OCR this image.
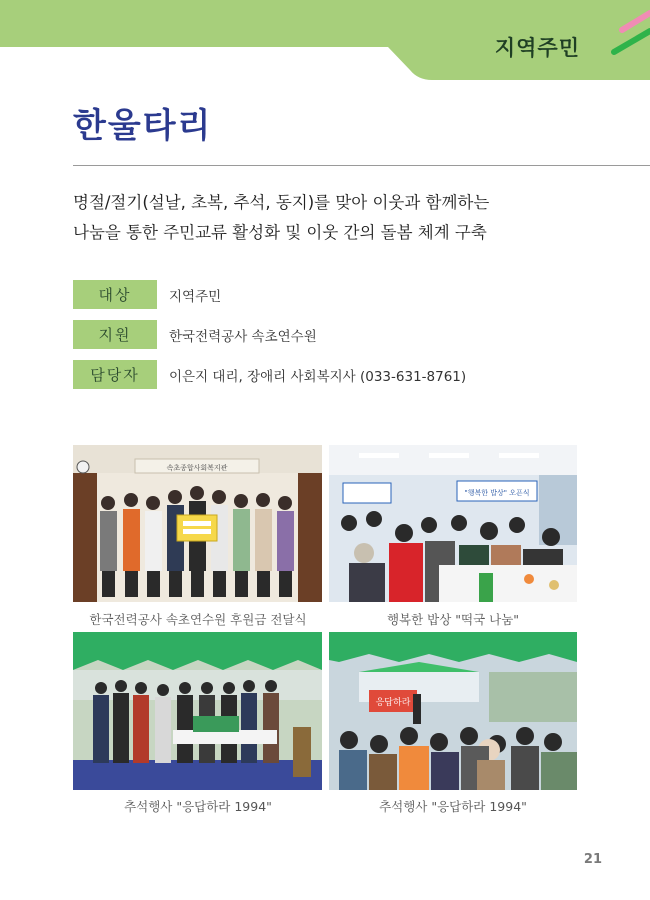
지역주민
한울타리
명절/절기(설날, 초복, 추석, 동지)를 맞아 이웃과 함께하는
나눔을 통한 주민교류 활성화 및 이웃 간의 돌봄 체계 구축
대상	지역주민
지원	한국전력공사 속초연수원
담당자	이은지 대리, 장애리 사회복지사 (033-631-8761)
속초종합사회복지관
한국전력공사 속초연수원 후원금 전달식
"행복한 밥상" 오픈식
행복한 밥상 "떡국 나눔"
추석행사 "응답하라 1994"
응답하라
추석행사 "응답하라 1994"
21
